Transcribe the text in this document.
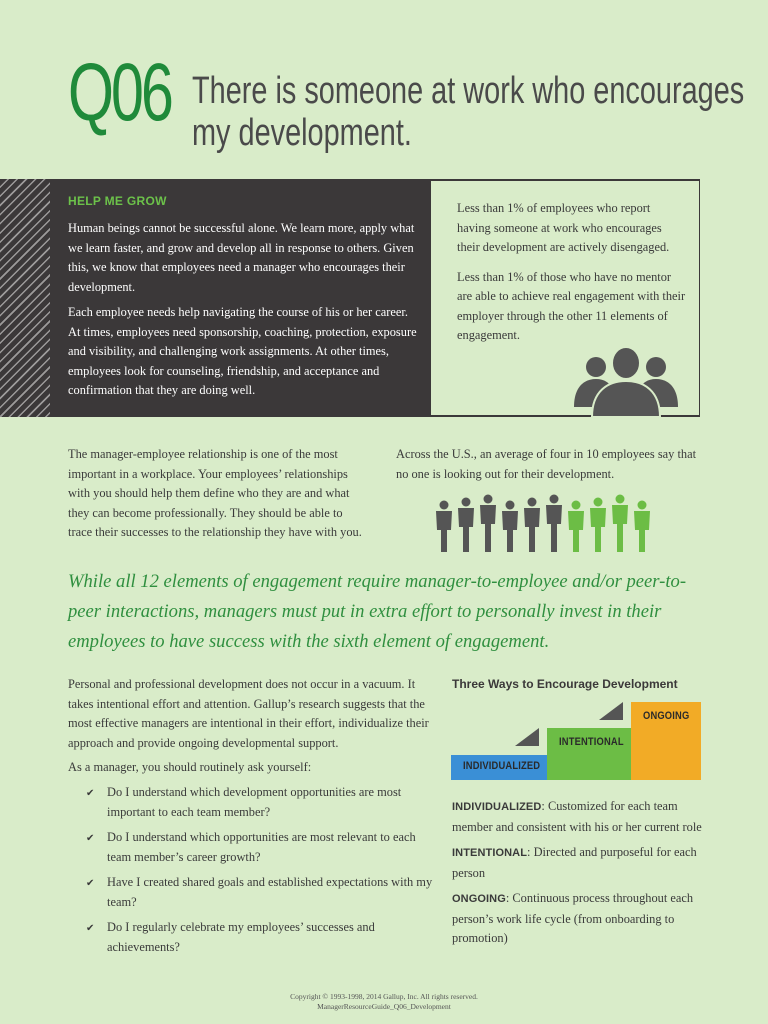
Q06 There is someone at work who encourages
my development.
HELP ME GROW

Human beings cannot be successful alone. We learn more, apply what we learn faster, and grow and develop all in response to others. Given this, we know that employees need a manager who encourages their development.

Each employee needs help navigating the course of his or her career. At times, employees need sponsorship, coaching, protection, exposure and visibility, and challenging work assignments. At other times, employees look for counseling, friendship, and acceptance and confirmation that they are doing well.

Less than 1% of employees who report having someone at work who encourages their development are actively disengaged.

Less than 1% of those who have no mentor are able to achieve real engagement with their employer through the other 11 elements of engagement.

The manager-employee relationship is one of the most important in a workplace. Your employees’ relationships with you should help them define who they are and what they can become professionally. They should be able to trace their successes to the relationship they have with you.
Across the U.S., an average of four in 10 employees say that no one is looking out for their development.
While all 12 elements of engagement require manager-to-employee and/or peer-to-peer interactions, managers must put in extra effort to personally invest in their employees to have success with the sixth element of engagement.
Personal and professional development does not occur in a vacuum. It takes intentional effort and attention. Gallup’s research suggests that the most effective managers are intentional in their effort, individualize their approach and provide ongoing developmental support.
As a manager, you should routinely ask yourself:
✔ Do I understand which development opportunities are most important to each team member?
✔ Do I understand which opportunities are most relevant to each team member’s career growth?
✔ Have I created shared goals and established expectations with my team?
✔ Do I regularly celebrate my employees’ successes and achievements?
Three Ways to Encourage Development
INDIVIDUALIZED
INTENTIONAL
ONGOING

INDIVIDUALIZED: Customized for each team member and consistent with his or her current role

INTENTIONAL: Directed and purposeful for each person

ONGOING: Continuous process throughout each person’s work life cycle (from onboarding to promotion)

Copyright © 1993-1998, 2014 Gallup, Inc. All rights reserved.
ManagerResourceGuide_Q06_Development
